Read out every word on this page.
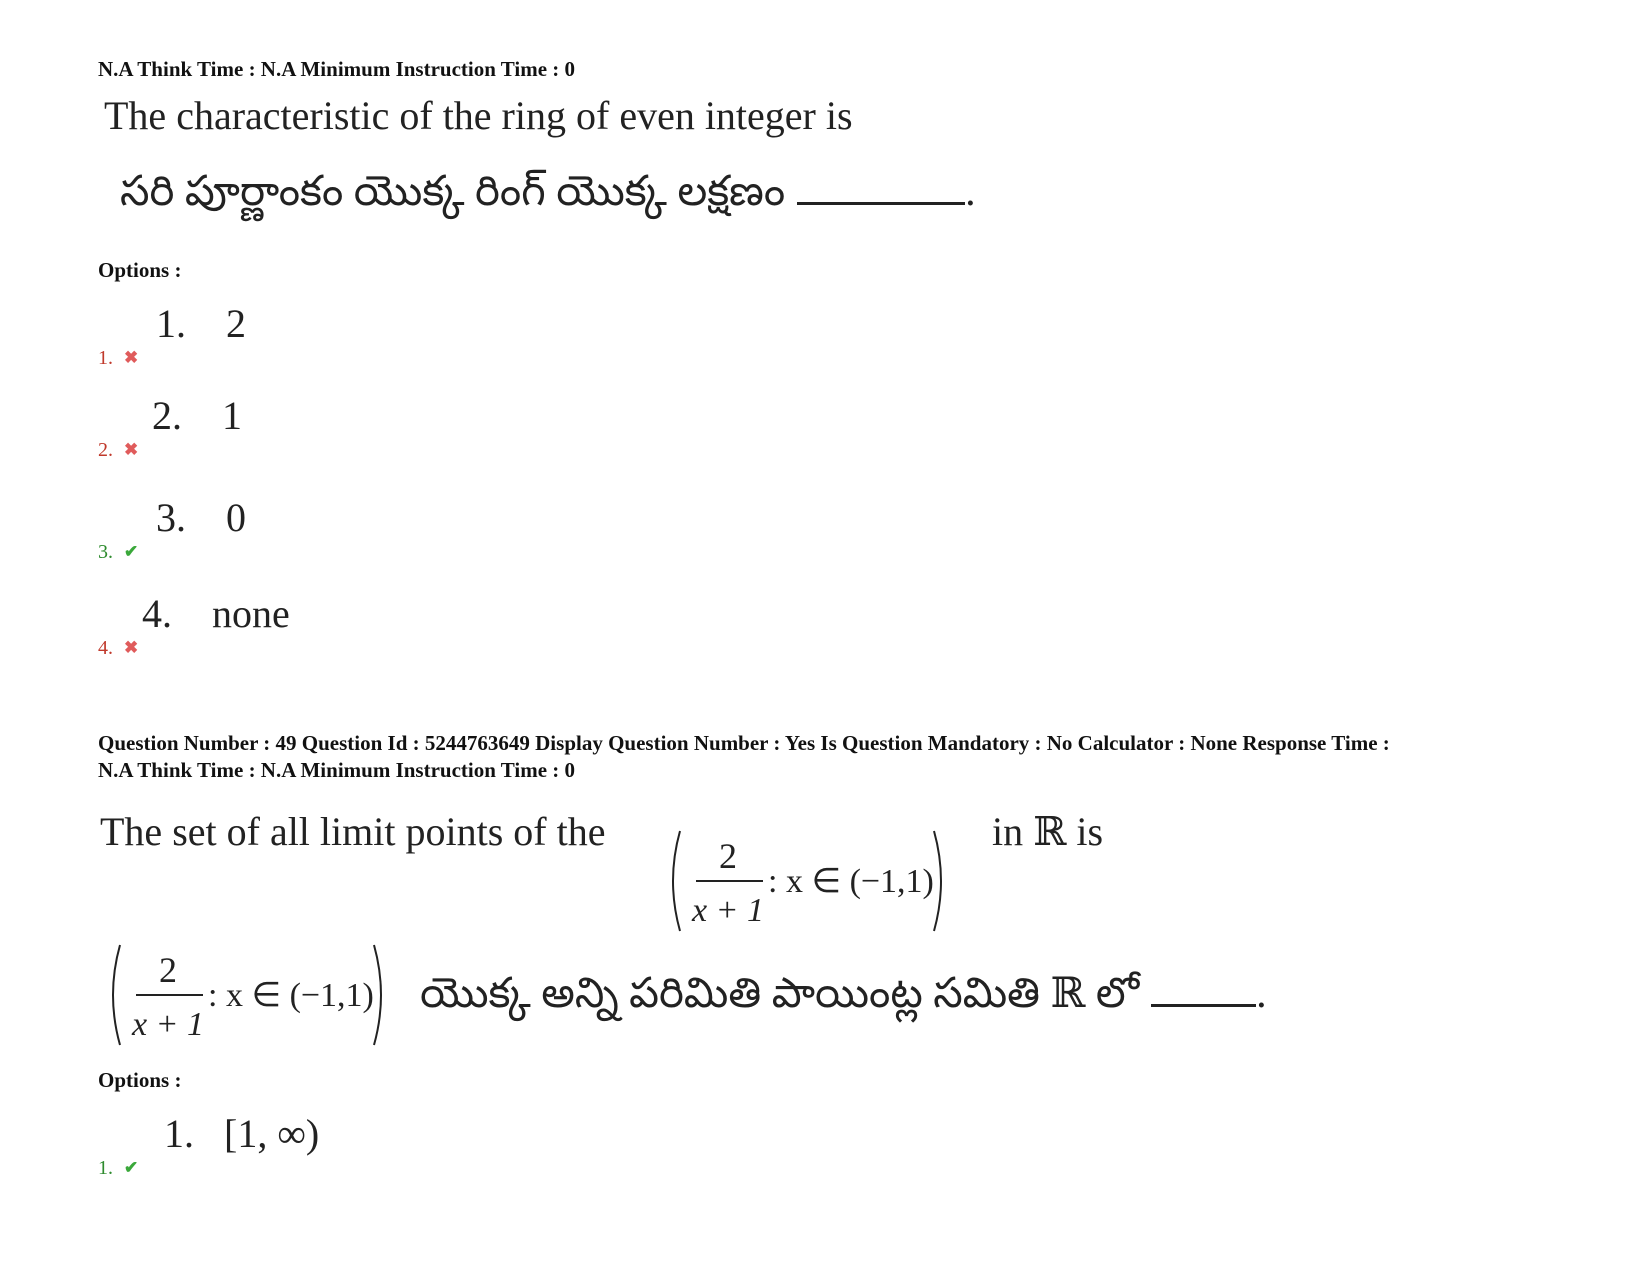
N.A Think Time : N.A Minimum Instruction Time : 0
The characteristic of the ring of even integer is
సరి పూర్ణాంకం యొక్క రింగ్ యొక్క లక్షణం	.
Options :
1. ✖
1. 2
2. ✖
2. 1
3. ✔
3. 0
4. ✖
4. none
Question Number : 49 Question Id : 5244763649 Display Question Number : Yes Is Question Mandatory : No Calculator : None Response Time :
N.A Think Time : N.A Minimum Instruction Time : 0
The set of all limit points of the
2
x + 1
: x ∈ (−1,1)
in ℝ is
2
x + 1
: x ∈ (−1,1) యొక్క అన్ని పరిమితి పాయింట్ల సమితి ℝ లో	.
Options :
1. ✔
1. [1, ∞)
